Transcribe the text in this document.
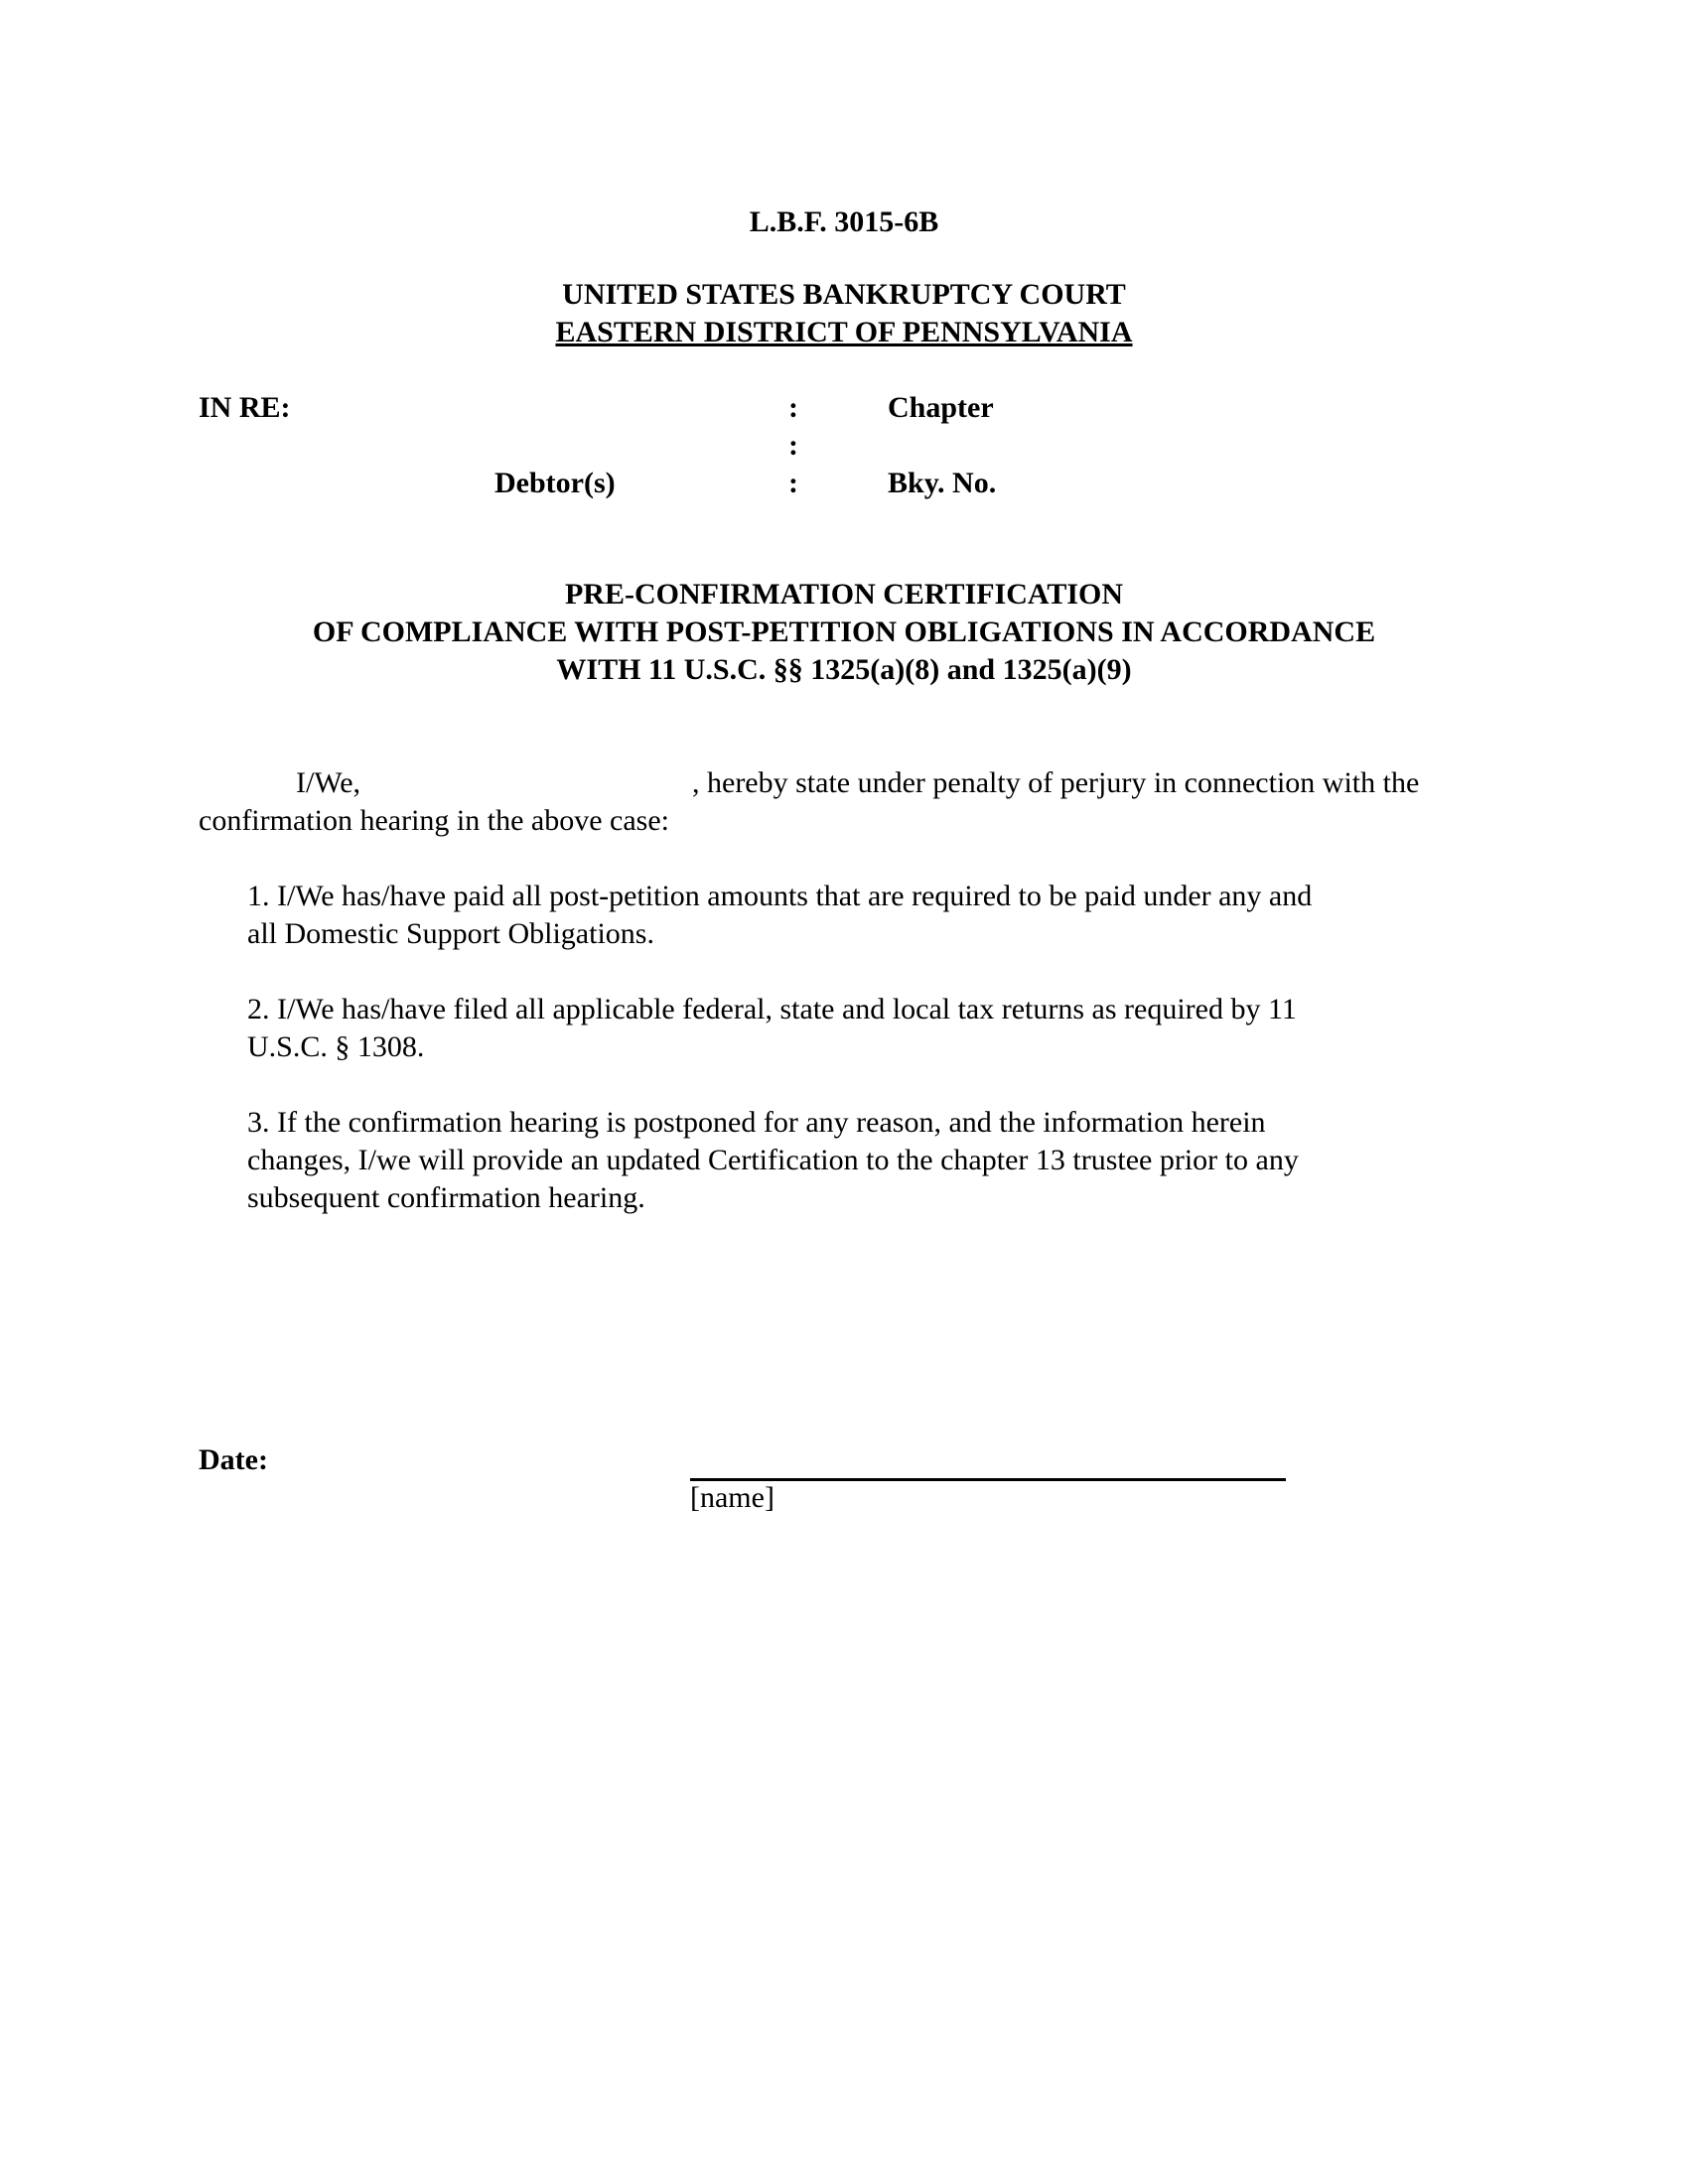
L.B.F. 3015-6B
UNITED STATES BANKRUPTCY COURT
EASTERN DISTRICT OF PENNSYLVANIA
IN RE:	:	Chapter
:
Debtor(s)	:	Bky. No.
PRE-CONFIRMATION CERTIFICATION
OF COMPLIANCE WITH POST-PETITION OBLIGATIONS IN ACCORDANCE
WITH 11 U.S.C. §§ 1325(a)(8) and 1325(a)(9)
I/We,	, hereby state under penalty of perjury in connection with the
confirmation hearing in the above case:
1. I/We has/have paid all post-petition amounts that are required to be paid under any and
all Domestic Support Obligations.
2. I/We has/have filed all applicable federal, state and local tax returns as required by 11
U.S.C. § 1308.
3. If the confirmation hearing is postponed for any reason, and the information herein
changes, I/we will provide an updated Certification to the chapter 13 trustee prior to any
subsequent confirmation hearing.
Date:
[name]
